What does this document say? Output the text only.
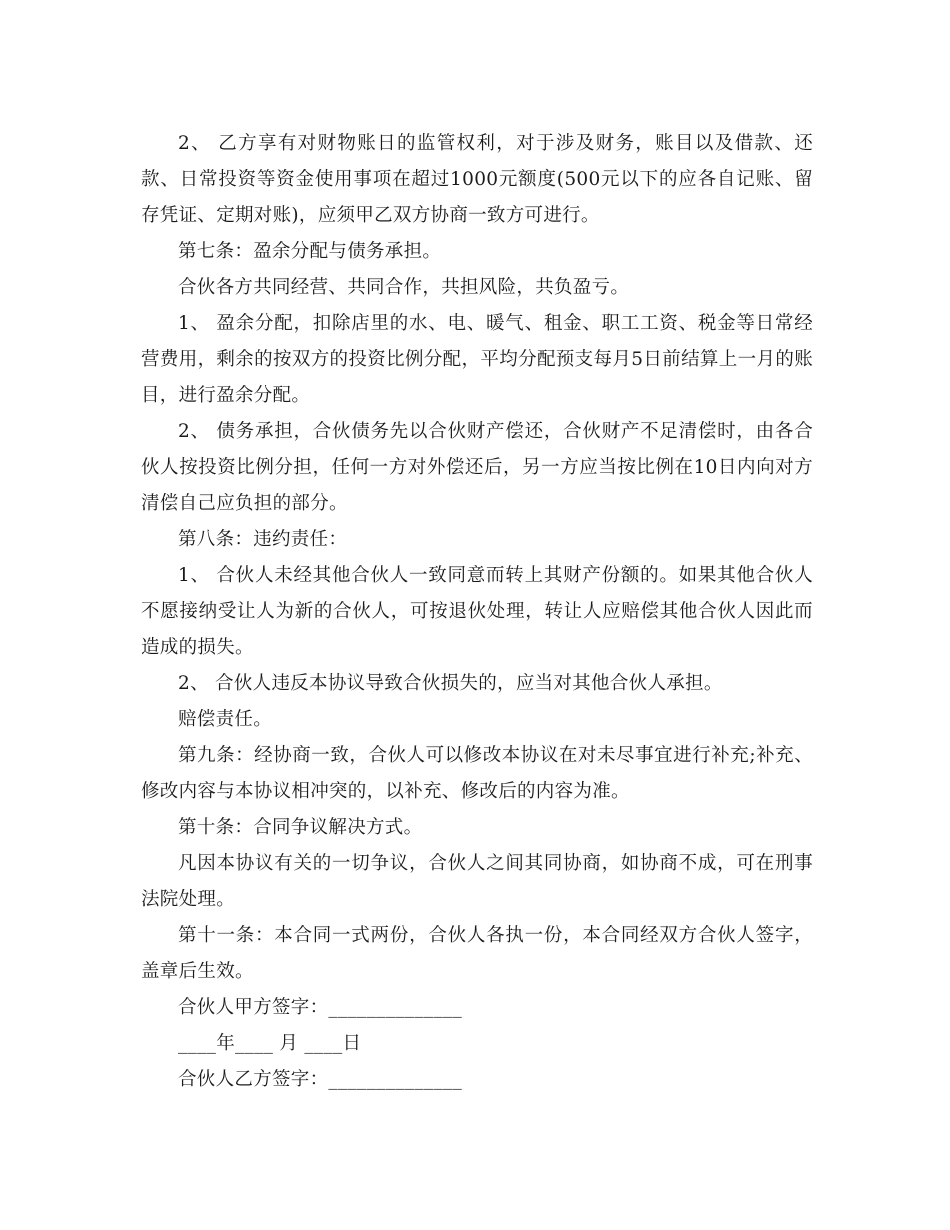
2、 乙方享有对财物账日的监管权利，对于涉及财务，账目以及借款、还款、日常投资等资金使用事项在超过1000元额度(500元以下的应各自记账、留存凭证、定期对账)，应须甲乙双方协商一致方可进行。

第七条：盈余分配与债务承担。

合伙各方共同经营、共同合作，共担风险，共负盈亏。

1、 盈余分配，扣除店里的水、电、暖气、租金、职工工资、税金等日常经营费用，剩余的按双方的投资比例分配，平均分配预支每月5日前结算上一月的账目，进行盈余分配。

2、 债务承担，合伙债务先以合伙财产偿还，合伙财产不足清偿时，由各合伙人按投资比例分担，任何一方对外偿还后，另一方应当按比例在10日内向对方清偿自己应负担的部分。

第八条：违约责任：

1、 合伙人未经其他合伙人一致同意而转上其财产份额的。如果其他合伙人不愿接纳受让人为新的合伙人，可按退伙处理，转让人应赔偿其他合伙人因此而造成的损失。

2、 合伙人违反本协议导致合伙损失的，应当对其他合伙人承担。

赔偿责任。

第九条：经协商一致，合伙人可以修改本协议在对未尽事宜进行补充;补充、修改内容与本协议相冲突的，以补充、修改后的内容为准。

第十条：合同争议解决方式。

凡因本协议有关的一切争议，合伙人之间其同协商，如协商不成，可在刑事法院处理。

第十一条：本合同一式两份，合伙人各执一份，本合同经双方合伙人签字，盖章后生效。

合伙人甲方签字：______________

____年____ 月 ____日

合伙人乙方签字：______________
